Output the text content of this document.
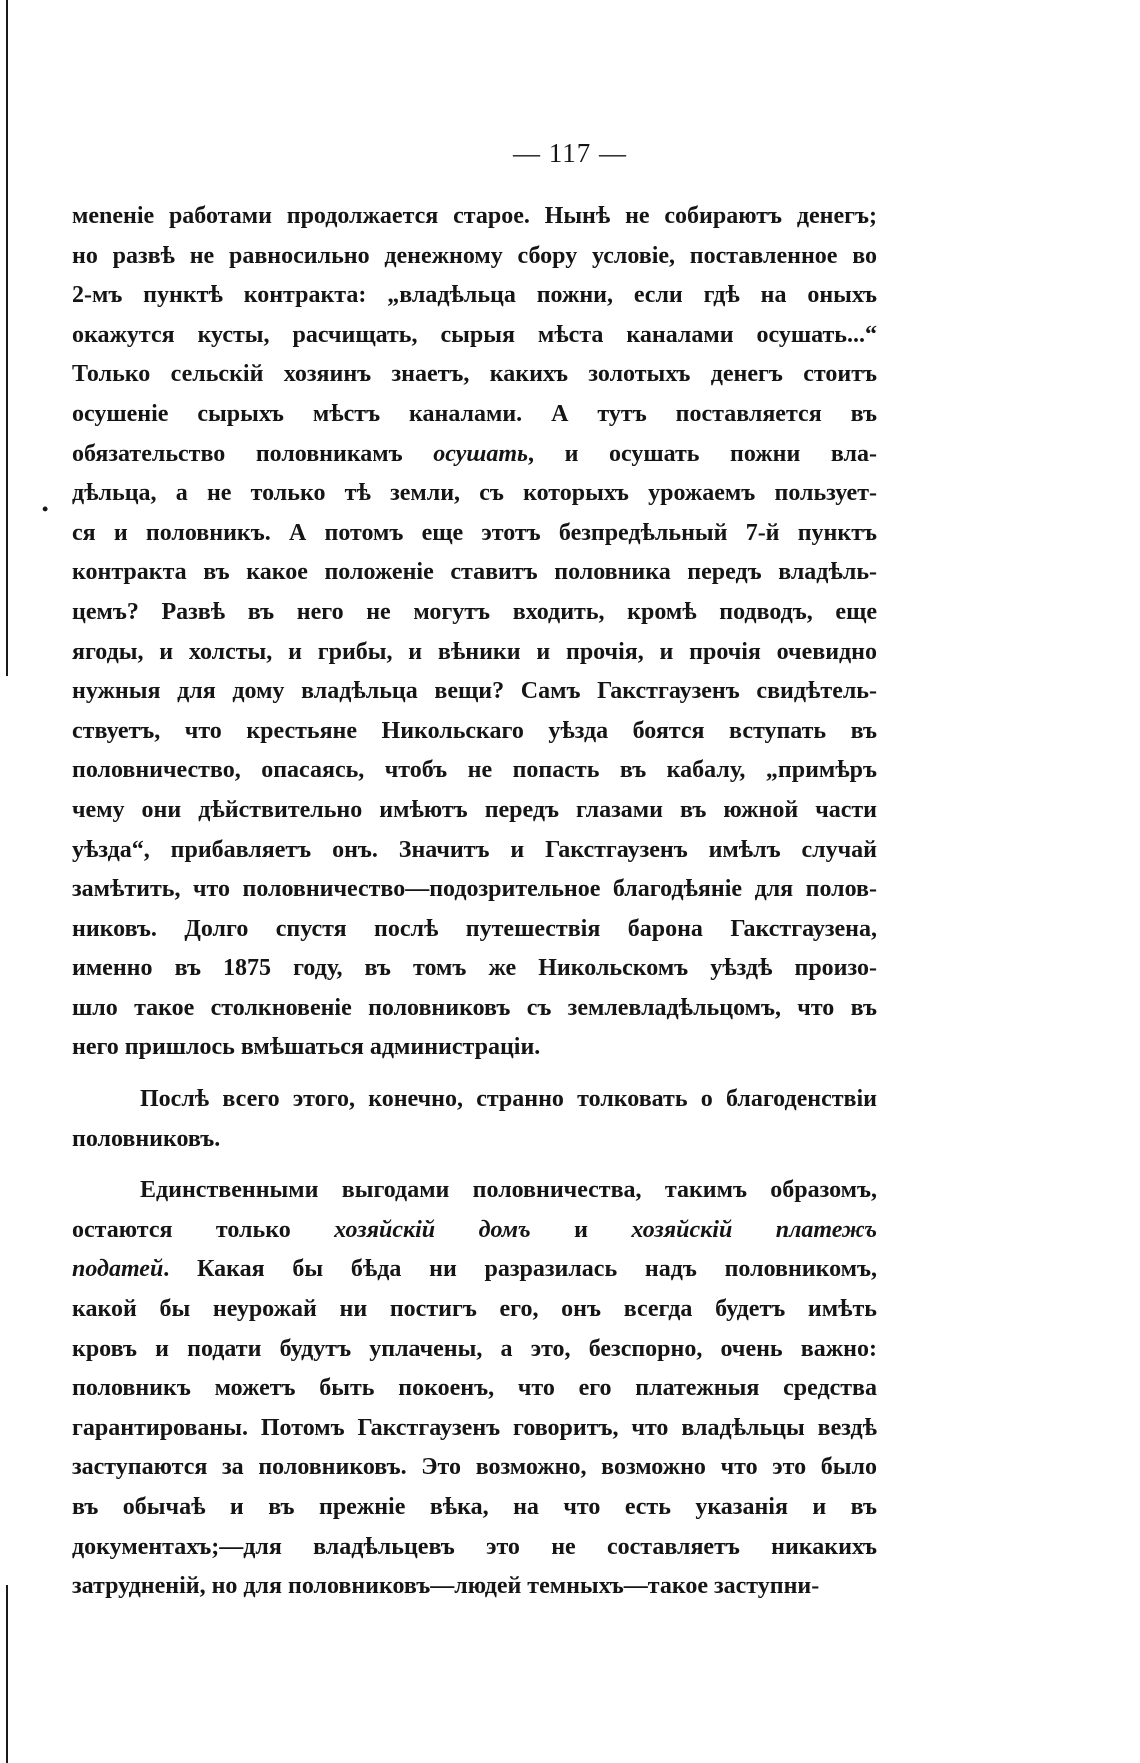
•
— 117 —
меneніе работами продолжается старое. Нынѣ не собираютъ денегъ;
но развѣ не равносильно денежному сбору условіе, поставленное во
2-мъ пунктѣ контракта: „владѣльца пожни, если гдѣ на оныхъ
окажутся кусты, расчищать, сырыя мѣста каналами осушать...“
Только сельскій хозяинъ знаетъ, какихъ золотыхъ денегъ стоитъ
осушеніе сырыхъ мѣстъ каналами. А тутъ поставляется въ
обязательство половникамъ осушать, и осушать пожни вла-
дѣльца, а не только тѣ земли, съ которыхъ урожаемъ пользует-
ся и половникъ. А потомъ еще этотъ безпредѣльный 7-й пунктъ
контракта въ какое положеніе ставитъ половника передъ владѣль-
цемъ? Развѣ въ него не могутъ входить, кромѣ подводъ, еще
ягоды, и холсты, и грибы, и вѣники и прочія, и прочія очевидно
нужныя для дому владѣльца вещи? Самъ Гакстгаузенъ свидѣтель-
ствуетъ, что крестьяне Никольскаго уѣзда боятся вступать въ
половничество, опасаясь, чтобъ не попасть въ кабалу, „примѣръ
чему они дѣйствительно имѣютъ передъ глазами въ южной части
уѣзда“, прибавляетъ онъ. Значитъ и Гакстгаузенъ имѣлъ случай
замѣтить, что половничество—подозрительное благодѣяніе для полов-
никовъ. Долго спустя послѣ путешествія барона Гакстгаузена,
именно въ 1875 году, въ томъ же Никольскомъ уѣздѣ произо-
шло такое столкновеніе половниковъ съ землевладѣльцомъ, что въ
него пришлось вмѣшаться администраціи.
Послѣ всего этого, конечно, странно толковать о благоденствіи
половниковъ.
Единственными выгодами половничества, такимъ образомъ,
остаются только хозяйскій домъ и хозяйскій платежъ
податей. Какая бы бѣда ни разразилась надъ половникомъ,
какой бы неурожай ни постигъ его, онъ всегда будетъ имѣть
кровъ и подати будутъ уплачены, а это, безспорно, очень важно:
половникъ можетъ быть покоенъ, что его платежныя средства
гарантированы. Потомъ Гакстгаузенъ говоритъ, что владѣльцы вездѣ
заступаются за половниковъ. Это возможно, возможно что это было
въ обычаѣ и въ прежніе вѣка, на что есть указанія и въ
документахъ;—для владѣльцевъ это не составляетъ никакихъ
затрудненій, но для половниковъ—людей темныхъ—такое заступни-
